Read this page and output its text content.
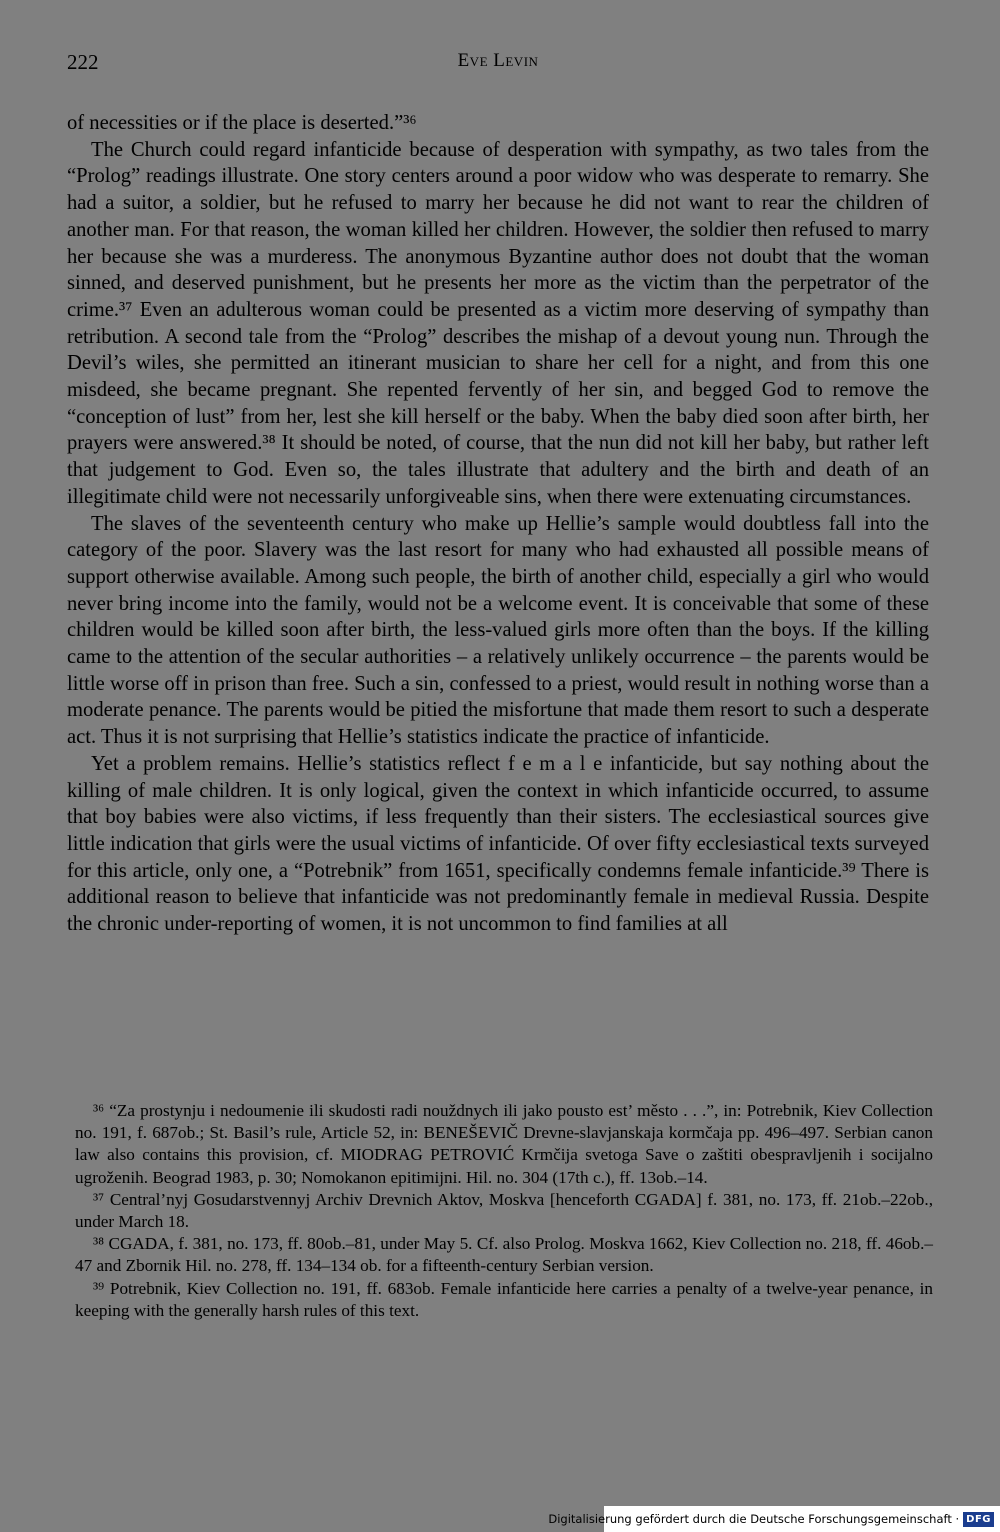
222	Eve Levin

of necessities or if the place is deserted.”³⁶

The Church could regard infanticide because of desperation with sympathy, as two tales from the “Prolog” readings illustrate. One story centers around a poor widow who was desperate to remarry. She had a suitor, a soldier, but he refused to marry her because he did not want to rear the children of another man. For that reason, the woman killed her children. However, the soldier then refused to marry her because she was a murderess. The anonymous Byzantine author does not doubt that the woman sinned, and deserved punishment, but he presents her more as the victim than the perpetrator of the crime.³⁷ Even an adulterous woman could be presented as a victim more deserving of sympathy than retribution. A second tale from the “Prolog” describes the mishap of a devout young nun. Through the Devil’s wiles, she permitted an itinerant musician to share her cell for a night, and from this one misdeed, she became pregnant. She repented fervently of her sin, and begged God to remove the “conception of lust” from her, lest she kill herself or the baby. When the baby died soon after birth, her prayers were answered.³⁸ It should be noted, of course, that the nun did not kill her baby, but rather left that judgement to God. Even so, the tales illustrate that adultery and the birth and death of an illegitimate child were not necessarily unforgiveable sins, when there were extenuating circumstances.

The slaves of the seventeenth century who make up Hellie’s sample would doubtless fall into the category of the poor. Slavery was the last resort for many who had exhausted all possible means of support otherwise available. Among such people, the birth of another child, especially a girl who would never bring income into the family, would not be a welcome event. It is conceivable that some of these children would be killed soon after birth, the less-valued girls more often than the boys. If the killing came to the attention of the secular authorities – a relatively unlikely occurrence – the parents would be little worse off in prison than free. Such a sin, confessed to a priest, would result in nothing worse than a moderate penance. The parents would be pitied the misfortune that made them resort to such a desperate act. Thus it is not surprising that Hellie’s statistics indicate the practice of infanticide.

Yet a problem remains. Hellie’s statistics reflect f e m a l e infanticide, but say nothing about the killing of male children. It is only logical, given the context in which infanticide occurred, to assume that boy babies were also victims, if less frequently than their sisters. The ecclesiastical sources give little indication that girls were the usual victims of infanticide. Of over fifty ecclesiastical texts surveyed for this article, only one, a “Potrebnik” from 1651, specifically condemns female infanticide.³⁹ There is additional reason to believe that infanticide was not predominantly female in medieval Russia. Despite the chronic under-reporting of women, it is not uncommon to find families at all

³⁶ “Za prostynju i nedoumenie ili skudosti radi nouždnych ili jako pousto est’ město . . .”, in: Potrebnik, Kiev Collection no. 191, f. 687ob.; St. Basil’s rule, Article 52, in: BENEŠEVIČ Drevne-slavjanskaja kormčaja pp. 496–497. Serbian canon law also contains this provision, cf. MIODRAG PETROVIĆ Krmčija svetoga Save o zaštiti obespravljenih i socijalno ugroženih. Beograd 1983, p. 30; Nomokanon epitimijni. Hil. no. 304 (17th c.), ff. 13ob.–14.

³⁷ Central’nyj Gosudarstvennyj Archiv Drevnich Aktov, Moskva [henceforth CGADA] f. 381, no. 173, ff. 21ob.–22ob., under March 18.

³⁸ CGADA, f. 381, no. 173, ff. 80ob.–81, under May 5. Cf. also Prolog. Moskva 1662, Kiev Collection no. 218, ff. 46ob.–47 and Zbornik Hil. no. 278, ff. 134–134 ob. for a fifteenth-century Serbian version.

³⁹ Potrebnik, Kiev Collection no. 191, ff. 683ob. Female infanticide here carries a penalty of a twelve-year penance, in keeping with the generally harsh rules of this text.

Digitalisierung gefördert durch die Deutsche Forschungsgemeinschaft · DFG
